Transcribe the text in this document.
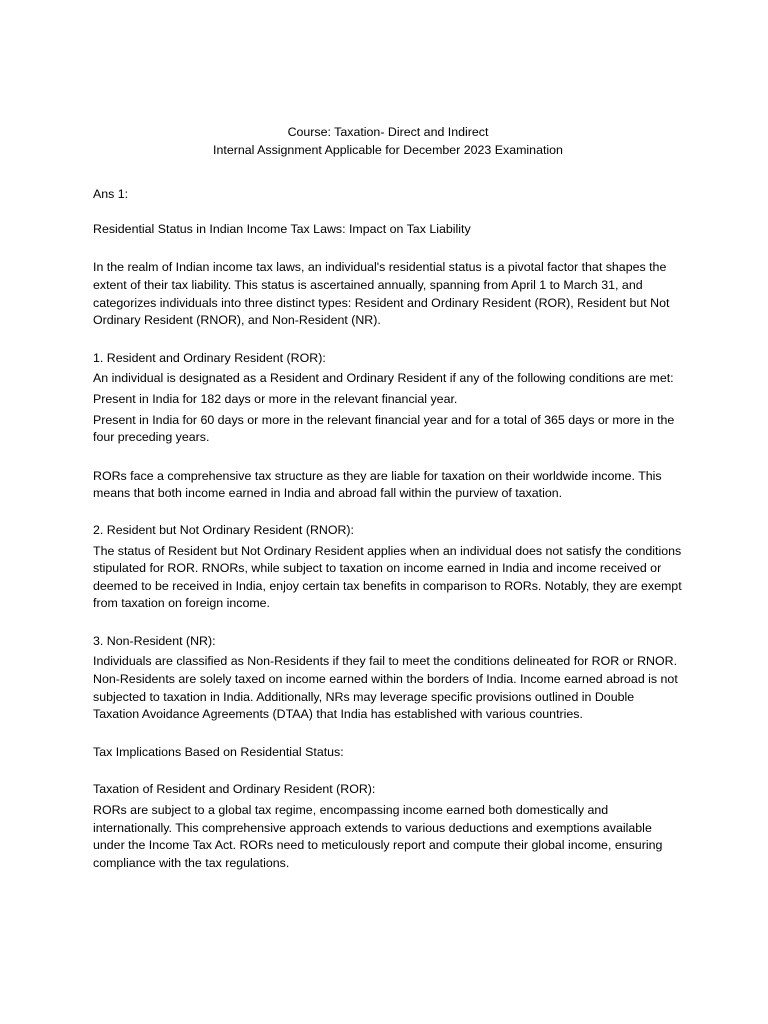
Course: Taxation- Direct and Indirect
Internal Assignment Applicable for December 2023 Examination

Ans 1:

Residential Status in Indian Income Tax Laws: Impact on Tax Liability

In the realm of Indian income tax laws, an individual's residential status is a pivotal factor that shapes the extent of their tax liability. This status is ascertained annually, spanning from April 1 to March 31, and categorizes individuals into three distinct types: Resident and Ordinary Resident (ROR), Resident but Not Ordinary Resident (RNOR), and Non-Resident (NR).

1. Resident and Ordinary Resident (ROR):

An individual is designated as a Resident and Ordinary Resident if any of the following conditions are met:

Present in India for 182 days or more in the relevant financial year.

Present in India for 60 days or more in the relevant financial year and for a total of 365 days or more in the four preceding years.

RORs face a comprehensive tax structure as they are liable for taxation on their worldwide income. This means that both income earned in India and abroad fall within the purview of taxation.

2. Resident but Not Ordinary Resident (RNOR):

The status of Resident but Not Ordinary Resident applies when an individual does not satisfy the conditions stipulated for ROR. RNORs, while subject to taxation on income earned in India and income received or deemed to be received in India, enjoy certain tax benefits in comparison to RORs. Notably, they are exempt from taxation on foreign income.

3. Non-Resident (NR):

Individuals are classified as Non-Residents if they fail to meet the conditions delineated for ROR or RNOR. Non-Residents are solely taxed on income earned within the borders of India. Income earned abroad is not subjected to taxation in India. Additionally, NRs may leverage specific provisions outlined in Double Taxation Avoidance Agreements (DTAA) that India has established with various countries.

Tax Implications Based on Residential Status:

Taxation of Resident and Ordinary Resident (ROR):

RORs are subject to a global tax regime, encompassing income earned both domestically and internationally. This comprehensive approach extends to various deductions and exemptions available under the Income Tax Act. RORs need to meticulously report and compute their global income, ensuring compliance with the tax regulations.
